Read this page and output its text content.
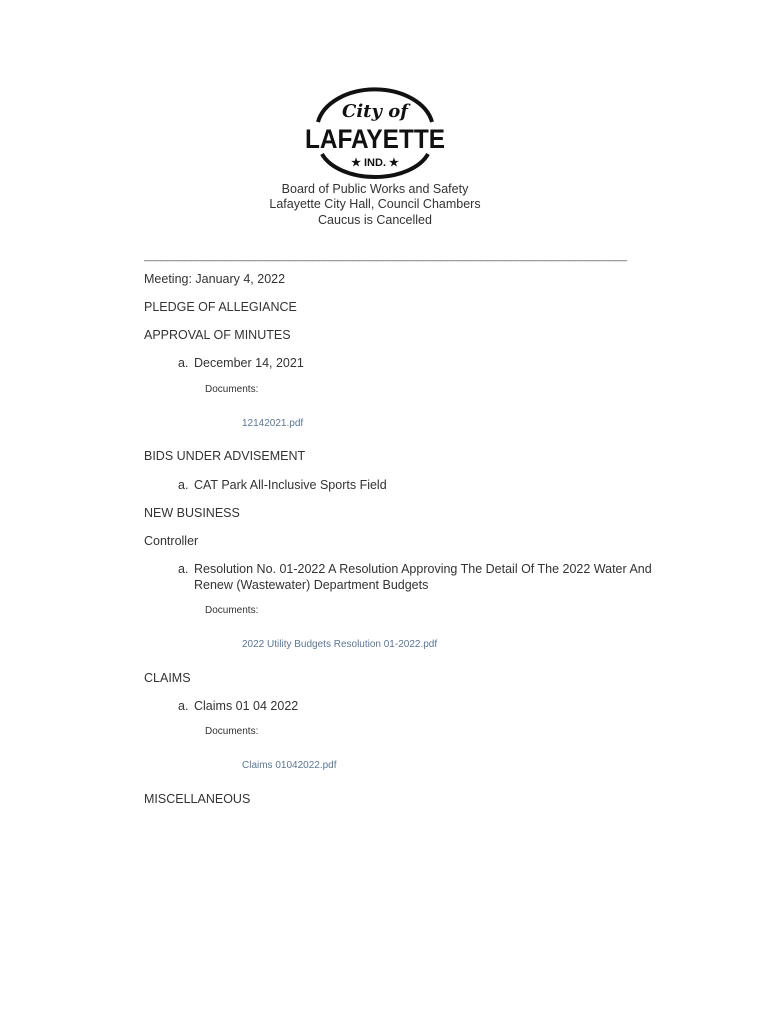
City of
LAFAYETTE
★ IND. ★
Board of Public Works and Safety
Lafayette City Hall, Council Chambers
Caucus is Cancelled
___________________________________________________________________________________
Meeting: January 4, 2022
PLEDGE OF ALLEGIANCE
APPROVAL OF MINUTES
a. December 14, 2021
Documents:
12142021.pdf
BIDS UNDER ADVISEMENT
a. CAT Park All-Inclusive Sports Field
NEW BUSINESS
Controller
a. Resolution No. 01-2022 A Resolution Approving The Detail Of The 2022 Water And
Renew (Wastewater) Department Budgets
Documents:
2022 Utility Budgets Resolution 01-2022.pdf
CLAIMS
a. Claims 01 04 2022
Documents:
Claims 01042022.pdf
MISCELLANEOUS
